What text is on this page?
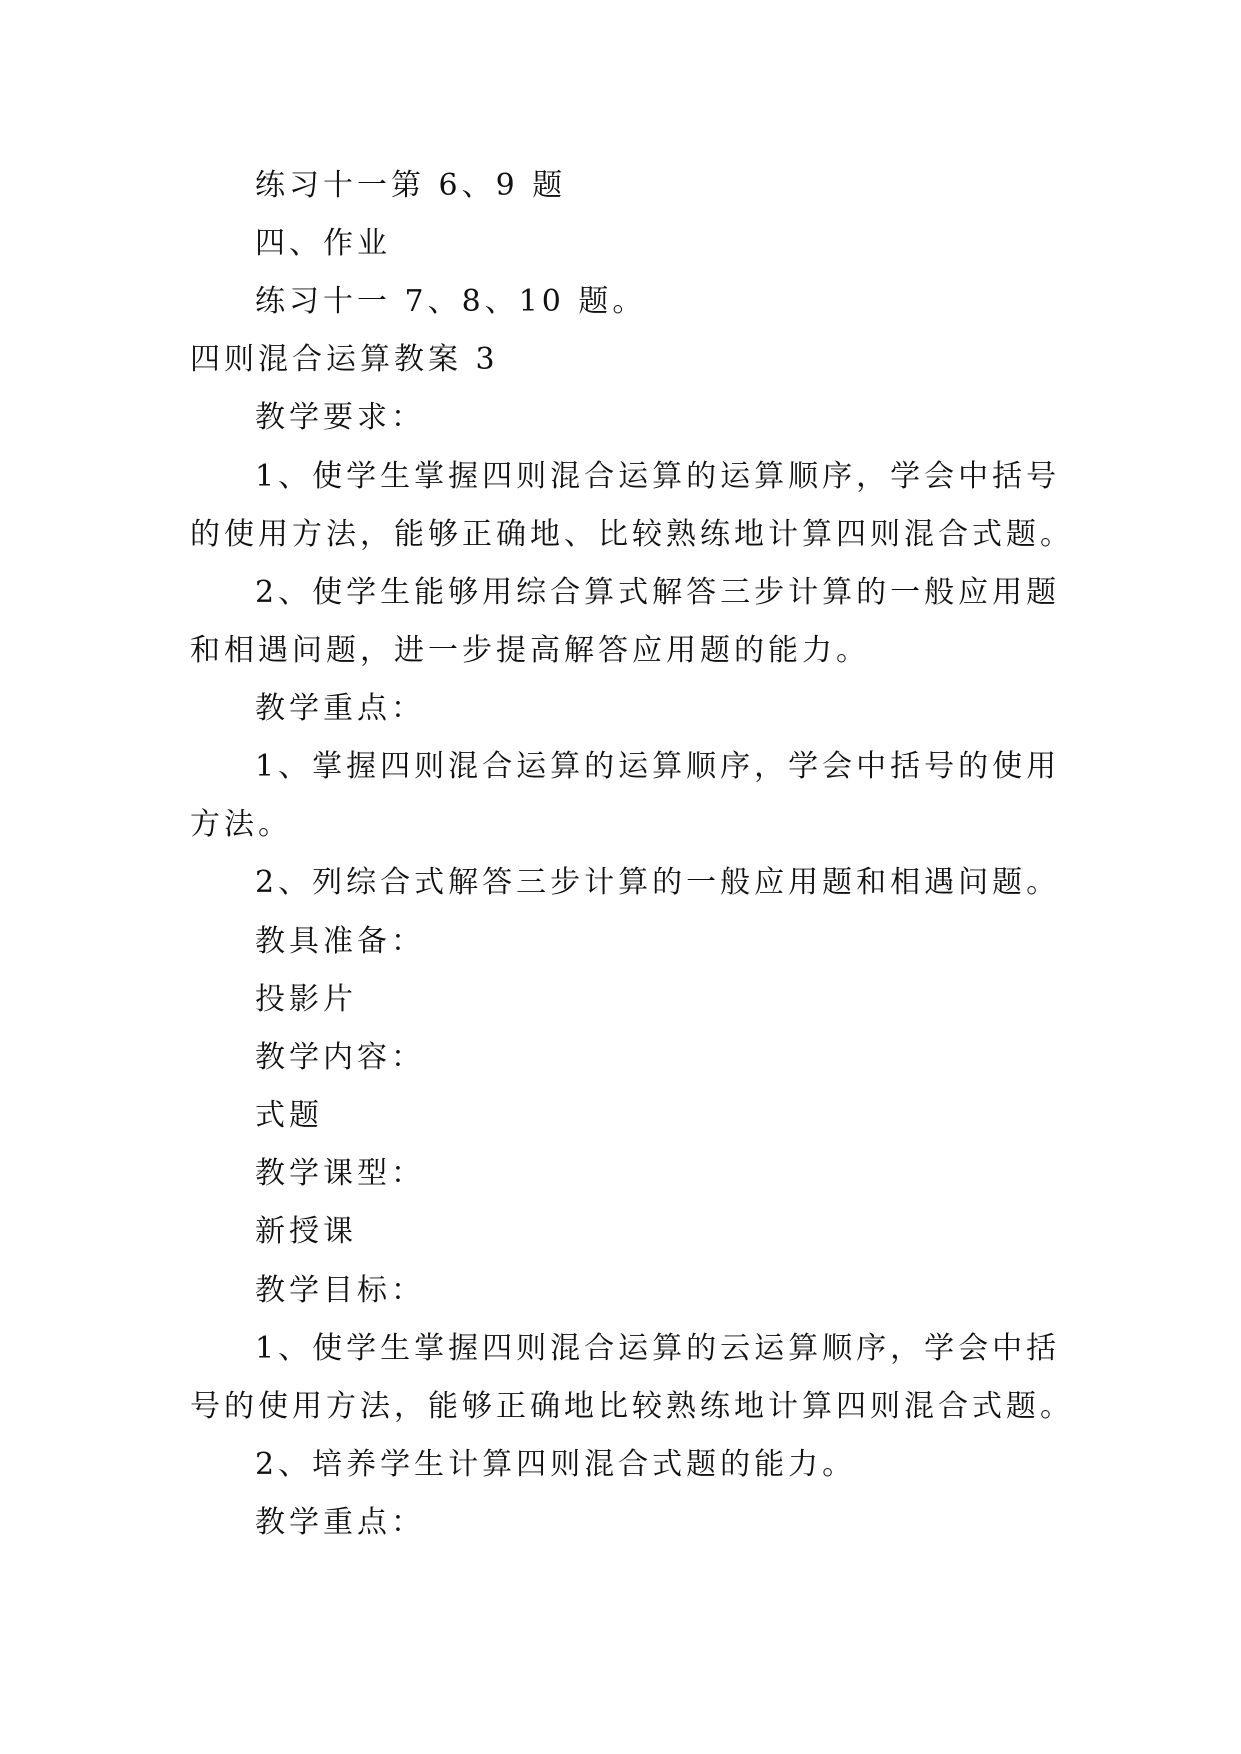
练习十一第 6、9 题

四、作业

练习十一 7、8、10 题。

四则混合运算教案 3

教学要求：

1、使学生掌握四则混合运算的运算顺序，学会中括号

的使用方法，能够正确地、比较熟练地计算四则混合式题。

2、使学生能够用综合算式解答三步计算的一般应用题

和相遇问题，进一步提高解答应用题的能力。

教学重点：

1、掌握四则混合运算的运算顺序，学会中括号的使用

方法。

2、列综合式解答三步计算的一般应用题和相遇问题。

教具准备：

投影片

教学内容：

式题

教学课型：

新授课

教学目标：

1、使学生掌握四则混合运算的云运算顺序，学会中括

号的使用方法，能够正确地比较熟练地计算四则混合式题。

2、培养学生计算四则混合式题的能力。

教学重点：
